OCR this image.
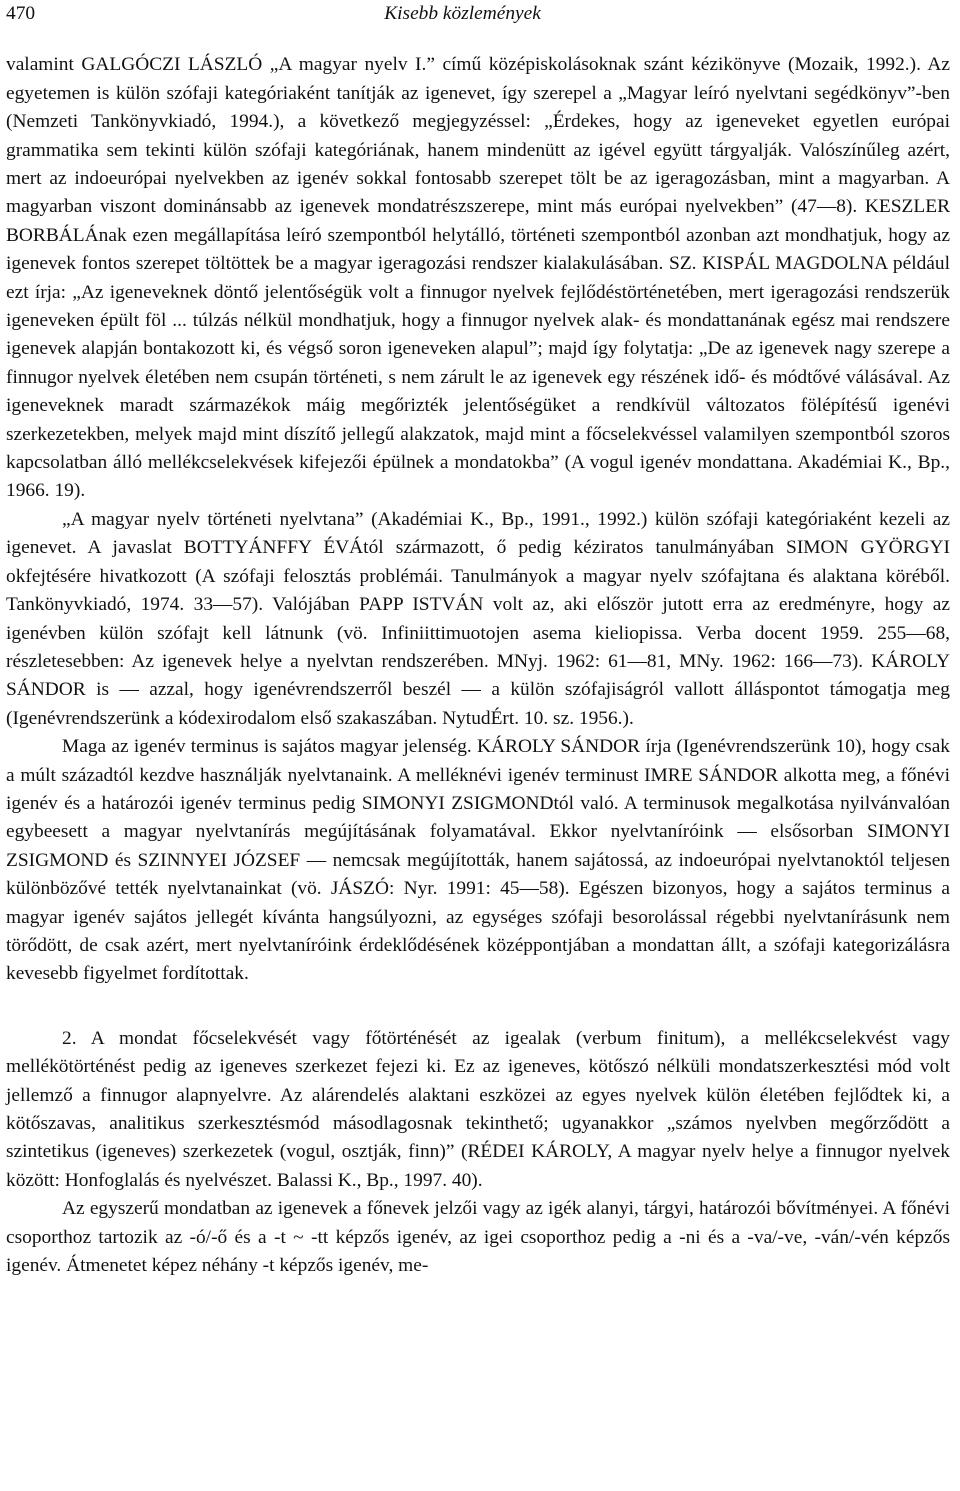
470	Kisebb közlemények

valamint GALGÓCZI LÁSZLÓ „A magyar nyelv I.” című középiskolásoknak szánt kézikönyve (Mozaik, 1992.). Az egyetemen is külön szófaji kategóriaként tanítják az igenevet, így szerepel a „Magyar leíró nyelvtani segédkönyv”-ben (Nemzeti Tankönyvkiadó, 1994.), a következő megjegyzéssel: „Érdekes, hogy az igeneveket egyetlen európai grammatika sem tekinti külön szófaji kategóriának, hanem mindenütt az igével együtt tárgyalják. Valószínűleg azért, mert az indoeurópai nyelvekben az igenév sokkal fontosabb szerepet tölt be az igeragozásban, mint a magyarban. A magyarban viszont dominánsabb az igenevek mondatrészszerepe, mint más európai nyelvekben” (47—8). KESZLER BORBÁLÁnak ezen megállapítása leíró szempontból helytálló, történeti szempontból azonban azt mondhatjuk, hogy az igenevek fontos szerepet töltöttek be a magyar igeragozási rendszer kialakulásában. SZ. KISPÁL MAGDOLNA például ezt írja: „Az igeneveknek döntő jelentőségük volt a finnugor nyelvek fejlődéstörténetében, mert igeragozási rendszerük igeneveken épült föl ... túlzás nélkül mondhatjuk, hogy a finnugor nyelvek alak- és mondattanának egész mai rendszere igenevek alapján bontakozott ki, és végső soron igeneveken alapul”; majd így folytatja: „De az igenevek nagy szerepe a finnugor nyelvek életében nem csupán történeti, s nem zárult le az igenevek egy részének idő- és módtővé válásával. Az igeneveknek maradt származékok máig megőrizték jelentőségüket a rendkívül változatos fölépítésű igenévi szerkezetekben, melyek majd mint díszítő jellegű alakzatok, majd mint a főcselekvéssel valamilyen szempontból szoros kapcsolatban álló mellékcselekvések kifejezői épülnek a mondatokba” (A vogul igenév mondattana. Akadémiai K., Bp., 1966. 19).

„A magyar nyelv történeti nyelvtana” (Akadémiai K., Bp., 1991., 1992.) külön szófaji kategóriaként kezeli az igenevet. A javaslat BOTTYÁNFFY ÉVÁtól származott, ő pedig kéziratos tanulmányában SIMON GYÖRGYI okfejtésére hivatkozott (A szófaji felosztás problémái. Tanulmányok a magyar nyelv szófajtana és alaktana köréből. Tankönyvkiadó, 1974. 33—57). Valójában PAPP ISTVÁN volt az, aki először jutott erra az eredményre, hogy az igenévben külön szófajt kell látnunk (vö. Infiniittimuotojen asema kieliopissa. Verba docent 1959. 255—68, részletesebben: Az igenevek helye a nyelvtan rendszerében. MNyj. 1962: 61—81, MNy. 1962: 166—73). KÁROLY SÁNDOR is — azzal, hogy igenévrendszerről beszél — a külön szófajiságról vallott álláspontot támogatja meg (Igenévrendszerünk a kódexirodalom első szakaszában. NytudÉrt. 10. sz. 1956.).

Maga az igenév terminus is sajátos magyar jelenség. KÁROLY SÁNDOR írja (Igenévrendszerünk 10), hogy csak a múlt századtól kezdve használják nyelvtanaink. A melléknévi igenév terminust IMRE SÁNDOR alkotta meg, a főnévi igenév és a határozói igenév terminus pedig SIMONYI ZSIGMONDtól való. A terminusok megalkotása nyilvánvalóan egybeesett a magyar nyelvtanírás megújításának folyamatával. Ekkor nyelvtaníróink — elsősorban SIMONYI ZSIGMOND és SZINNYEI JÓZSEF — nemcsak megújították, hanem sajátossá, az indoeurópai nyelvtanoktól teljesen különbözővé tették nyelvtanainkat (vö. JÁSZÓ: Nyr. 1991: 45—58). Egészen bizonyos, hogy a sajátos terminus a magyar igenév sajátos jellegét kívánta hangsúlyozni, az egységes szófaji besorolással régebbi nyelvtanírásunk nem törődött, de csak azért, mert nyelvtaníróink érdeklődésének középpontjában a mondattan állt, a szófaji kategorizálásra kevesebb figyelmet fordítottak.

2. A mondat főcselekvését vagy főtörténését az igealak (verbum finitum), a mellékcselekvést vagy mellékötörténést pedig az igeneves szerkezet fejezi ki. Ez az igeneves, kötőszó nélküli mondatszerkesztési mód volt jellemző a finnugor alapnyelvre. Az alárendelés alaktani eszközei az egyes nyelvek külön életében fejlődtek ki, a kötőszavas, analitikus szerkesztésmód másodlagosnak tekinthető; ugyanakkor „számos nyelvben megőrződött a szintetikus (igeneves) szerkezetek (vogul, osztják, finn)” (RÉDEI KÁROLY, A magyar nyelv helye a finnugor nyelvek között: Honfoglalás és nyelvészet. Balassi K., Bp., 1997. 40).

Az egyszerű mondatban az igenevek a főnevek jelzői vagy az igék alanyi, tárgyi, határozói bővítményei. A főnévi csoporthoz tartozik az -ó/-ő és a -t ~ -tt képzős igenév, az igei csoporthoz pedig a -ni és a -va/-ve, -ván/-vén képzős igenév. Átmenetet képez néhány -t képzős igenév, me-
